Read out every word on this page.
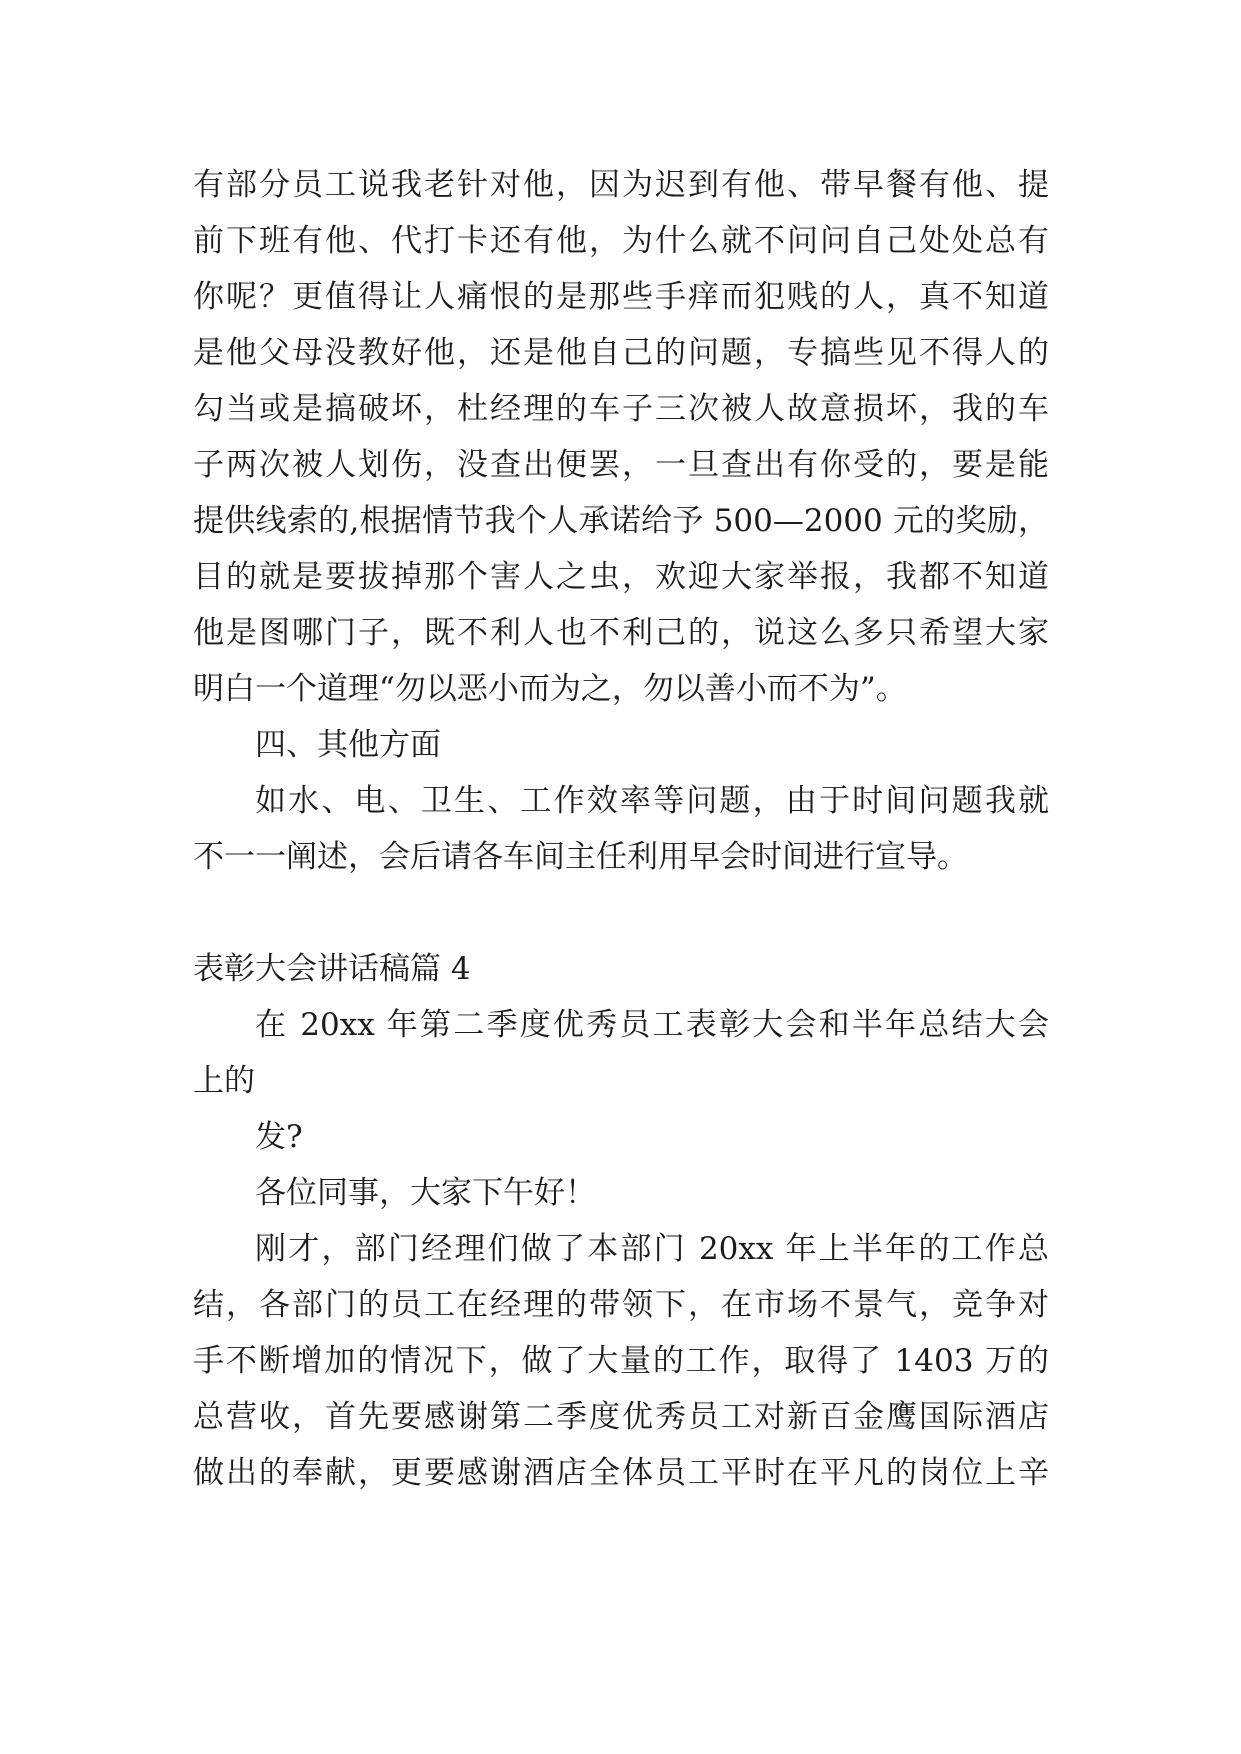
有部分员工说我老针对他，因为迟到有他、带早餐有他、提
前下班有他、代打卡还有他，为什么就不问问自己处处总有
你呢？更值得让人痛恨的是那些手痒而犯贱的人，真不知道
是他父母没教好他，还是他自己的问题，专搞些见不得人的
勾当或是搞破坏，杜经理的车子三次被人故意损坏，我的车
子两次被人划伤，没查出便罢，一旦查出有你受的，要是能
提供线索的,根据情节我个人承诺给予 500—2000 元的奖励，
目的就是要拔掉那个害人之虫，欢迎大家举报，我都不知道
他是图哪门子，既不利人也不利己的，说这么多只希望大家
明白一个道理“勿以恶小而为之，勿以善小而不为”。
四、其他方面
如水、电、卫生、工作效率等问题，由于时间问题我就
不一一阐述，会后请各车间主任利用早会时间进行宣导。
表彰大会讲话稿篇 4
在 20xx 年第二季度优秀员工表彰大会和半年总结大会
上的
发?
各位同事，大家下午好！
刚才，部门经理们做了本部门 20xx 年上半年的工作总
结，各部门的员工在经理的带领下，在市场不景气，竞争对
手不断增加的情况下，做了大量的工作，取得了 1403 万的
总营收，首先要感谢第二季度优秀员工对新百金鹰国际酒店
做出的奉献，更要感谢酒店全体员工平时在平凡的岗位上辛
